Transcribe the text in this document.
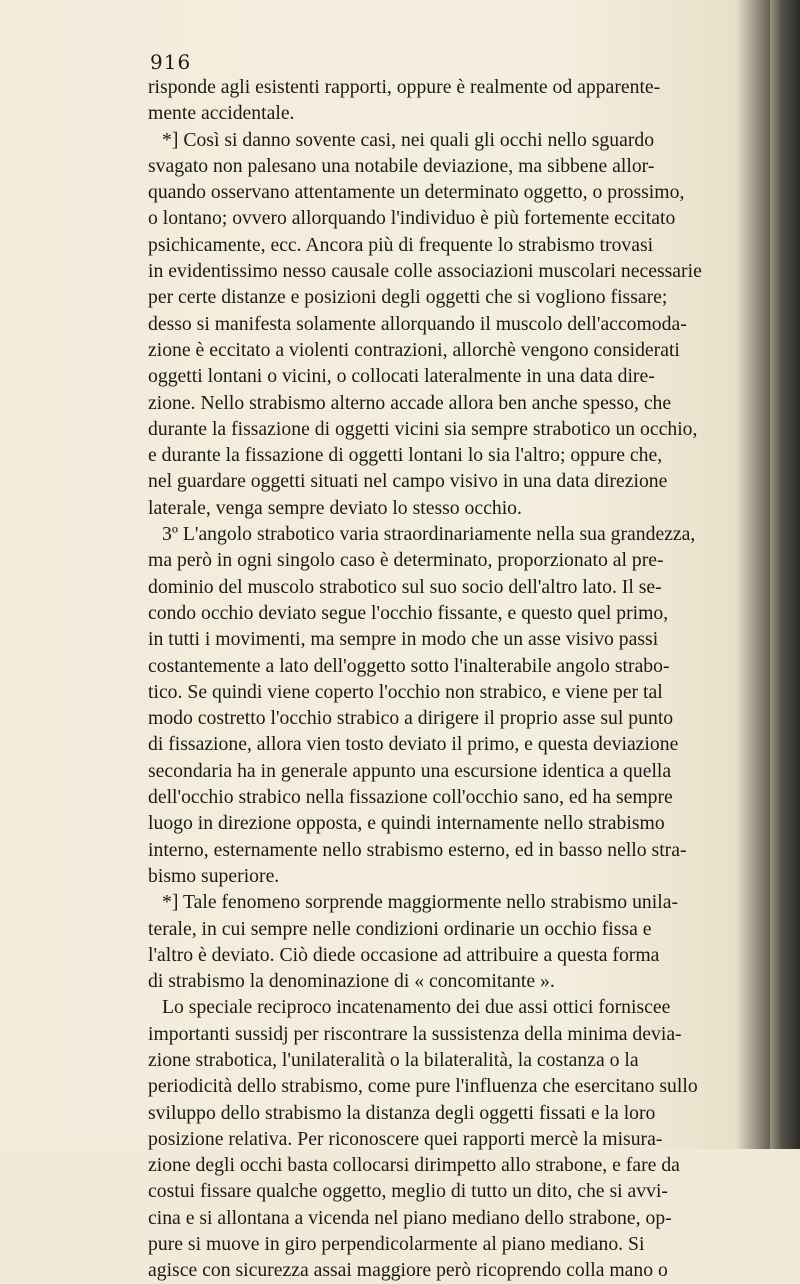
916
risponde agli esistenti rapporti, oppure è realmente od apparente-
mente accidentale.
*] Così si danno sovente casi, nei quali gli occhi nello sguardo
svagato non palesano una notabile deviazione, ma sibbene allor-
quando osservano attentamente un determinato oggetto, o prossimo,
o lontano; ovvero allorquando l'individuo è più fortemente eccitato
psichicamente, ecc. Ancora più di frequente lo strabismo trovasi
in evidentissimo nesso causale colle associazioni muscolari necessarie
per certe distanze e posizioni degli oggetti che si vogliono fissare;
desso si manifesta solamente allorquando il muscolo dell'accomoda-
zione è eccitato a violenti contrazioni, allorchè vengono considerati
oggetti lontani o vicini, o collocati lateralmente in una data dire-
zione. Nello strabismo alterno accade allora ben anche spesso, che
durante la fissazione di oggetti vicini sia sempre strabotico un occhio,
e durante la fissazione di oggetti lontani lo sia l'altro; oppure che,
nel guardare oggetti situati nel campo visivo in una data direzione
laterale, venga sempre deviato lo stesso occhio.
3º L'angolo strabotico varia straordinariamente nella sua grandezza,
ma però in ogni singolo caso è determinato, proporzionato al pre-
dominio del muscolo strabotico sul suo socio dell'altro lato. Il se-
condo occhio deviato segue l'occhio fissante, e questo quel primo,
in tutti i movimenti, ma sempre in modo che un asse visivo passi
costantemente a lato dell'oggetto sotto l'inalterabile angolo strabo-
tico. Se quindi viene coperto l'occhio non strabico, e viene per tal
modo costretto l'occhio strabico a dirigere il proprio asse sul punto
di fissazione, allora vien tosto deviato il primo, e questa deviazione
secondaria ha in generale appunto una escursione identica a quella
dell'occhio strabico nella fissazione coll'occhio sano, ed ha sempre
luogo in direzione opposta, e quindi internamente nello strabismo
interno, esternamente nello strabismo esterno, ed in basso nello stra-
bismo superiore.
*] Tale fenomeno sorprende maggiormente nello strabismo unila-
terale, in cui sempre nelle condizioni ordinarie un occhio fissa e
l'altro è deviato. Ciò diede occasione ad attribuire a questa forma
di strabismo la denominazione di « concomitante ».
Lo speciale reciproco incatenamento dei due assi ottici forniscee
importanti sussidj per riscontrare la sussistenza della minima devia-
zione strabotica, l'unilateralità o la bilateralità, la costanza o la
periodicità dello strabismo, come pure l'influenza che esercitano sullo
sviluppo dello strabismo la distanza degli oggetti fissati e la loro
posizione relativa. Per riconoscere quei rapporti mercè la misura-
zione degli occhi basta collocarsi dirimpetto allo strabone, e fare da
costui fissare qualche oggetto, meglio di tutto un dito, che si avvi-
cina e si allontana a vicenda nel piano mediano dello strabone, op-
pure si muove in giro perpendicolarmente al piano mediano. Si
agisce con sicurezza assai maggiore però ricoprendo colla mano o
